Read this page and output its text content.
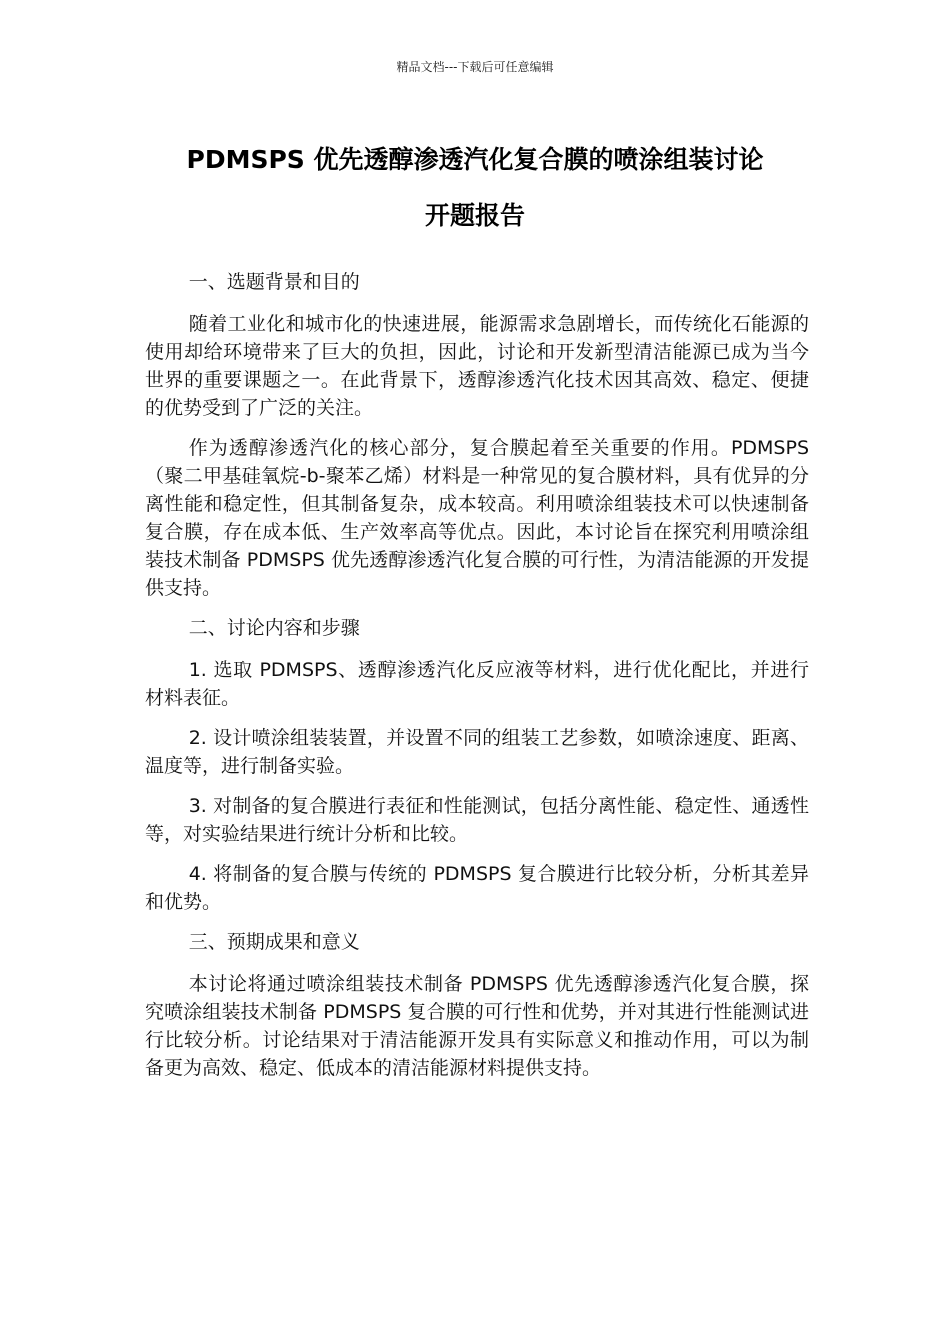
精品文档---下载后可任意编辑
PDMSPS 优先透醇渗透汽化复合膜的喷涂组装讨论
开题报告

一、选题背景和目的

随着工业化和城市化的快速进展，能源需求急剧增长，而传统化石能源的使用却给环境带来了巨大的负担，因此，讨论和开发新型清洁能源已成为当今世界的重要课题之一。在此背景下，透醇渗透汽化技术因其高效、稳定、便捷的优势受到了广泛的关注。

作为透醇渗透汽化的核心部分，复合膜起着至关重要的作用。PDMSPS（聚二甲基硅氧烷-b-聚苯乙烯）材料是一种常见的复合膜材料，具有优异的分离性能和稳定性，但其制备复杂，成本较高。利用喷涂组装技术可以快速制备复合膜，存在成本低、生产效率高等优点。因此，本讨论旨在探究利用喷涂组装技术制备 PDMSPS 优先透醇渗透汽化复合膜的可行性，为清洁能源的开发提供支持。

二、讨论内容和步骤

1. 选取 PDMSPS、透醇渗透汽化反应液等材料，进行优化配比，并进行材料表征。

2. 设计喷涂组装装置，并设置不同的组装工艺参数，如喷涂速度、距离、温度等，进行制备实验。

3. 对制备的复合膜进行表征和性能测试，包括分离性能、稳定性、通透性等，对实验结果进行统计分析和比较。

4. 将制备的复合膜与传统的 PDMSPS 复合膜进行比较分析，分析其差异和优势。

三、预期成果和意义

本讨论将通过喷涂组装技术制备 PDMSPS 优先透醇渗透汽化复合膜，探究喷涂组装技术制备 PDMSPS 复合膜的可行性和优势，并对其进行性能测试进行比较分析。讨论结果对于清洁能源开发具有实际意义和推动作用，可以为制备更为高效、稳定、低成本的清洁能源材料提供支持。
